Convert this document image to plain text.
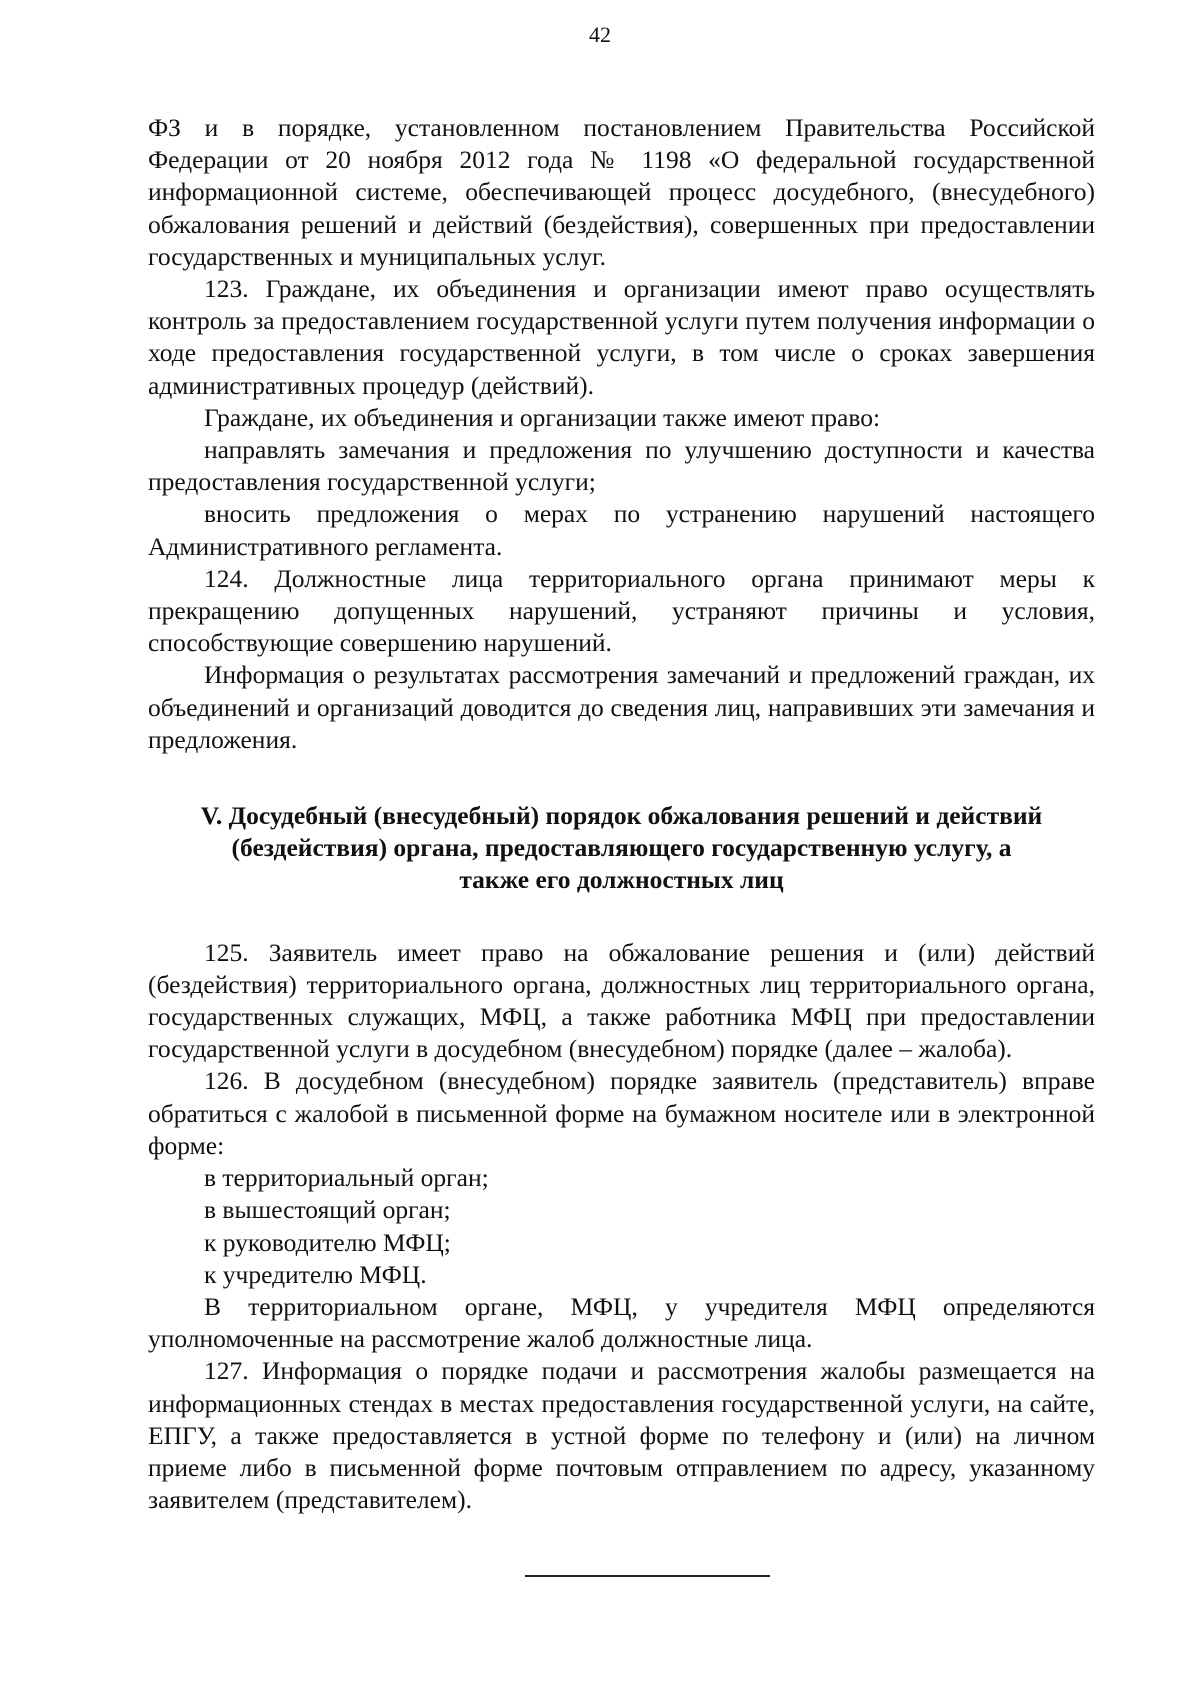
42

ФЗ и в порядке, установленном постановлением Правительства Российской Федерации от 20 ноября 2012 года № 1198 «О федеральной государственной информационной системе, обеспечивающей процесс досудебного, (внесудебного) обжалования решений и действий (бездействия), совершенных при предоставлении государственных и муниципальных услуг.

123. Граждане, их объединения и организации имеют право осуществлять контроль за предоставлением государственной услуги путем получения информации о ходе предоставления государственной услуги, в том числе о сроках завершения административных процедур (действий).

Граждане, их объединения и организации также имеют право:

направлять замечания и предложения по улучшению доступности и качества предоставления государственной услуги;

вносить предложения о мерах по устранению нарушений настоящего Административного регламента.

124. Должностные лица территориального органа принимают меры к прекращению допущенных нарушений, устраняют причины и условия, способствующие совершению нарушений.

Информация о результатах рассмотрения замечаний и предложений граждан, их объединений и организаций доводится до сведения лиц, направивших эти замечания и предложения.

V. Досудебный (внесудебный) порядок обжалования решений и действий
(бездействия) органа, предоставляющего государственную услугу, а
также его должностных лиц

125. Заявитель имеет право на обжалование решения и (или) действий (бездействия) территориального органа, должностных лиц территориального органа, государственных служащих, МФЦ, а также работника МФЦ при предоставлении государственной услуги в досудебном (внесудебном) порядке (далее – жалоба).

126. В досудебном (внесудебном) порядке заявитель (представитель) вправе обратиться с жалобой в письменной форме на бумажном носителе или в электронной форме:

в территориальный орган;

в вышестоящий орган;

к руководителю МФЦ;

к учредителю МФЦ.

В территориальном органе, МФЦ, у учредителя МФЦ определяются уполномоченные на рассмотрение жалоб должностные лица.

127. Информация о порядке подачи и рассмотрения жалобы размещается на информационных стендах в местах предоставления государственной услуги, на сайте, ЕПГУ, а также предоставляется в устной форме по телефону и (или) на личном приеме либо в письменной форме почтовым отправлением по адресу, указанному заявителем (представителем).
